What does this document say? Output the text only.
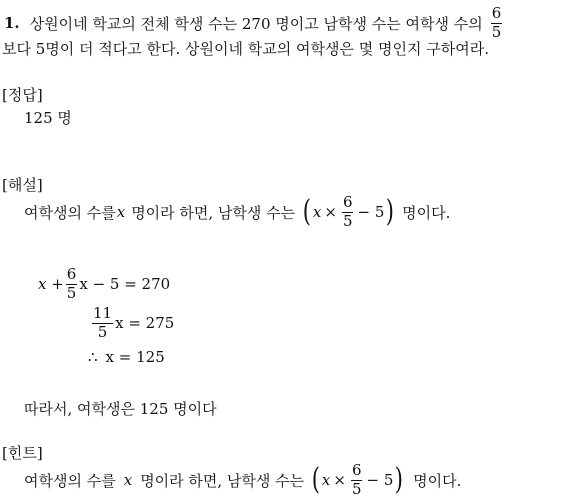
1. 상원이네 학교의 전체 학생 수는 270 명이고 남학생 수는 여학생 수의 $\frac{6}{5}$
보다 5명이 더 적다고 한다. 상원이네 학교의 여학생은 몇 명인지 구하여라.
[정답]
125 명
[해설]
여학생의 수를 x 명이라 하면, 남학생 수는 ( $x \times \frac{6}{5} - 5$ ) 명이다.
$x + \frac{6}{5}$ x − 5 = 270
$\frac{11}{5}$ x = 275
∴ x = 125
따라서, 여학생은 125 명이다
[힌트]
여학생의 수를 x 명이라 하면, 남학생 수는 ( $x \times \frac{6}{5} - 5$ ) 명이다.
